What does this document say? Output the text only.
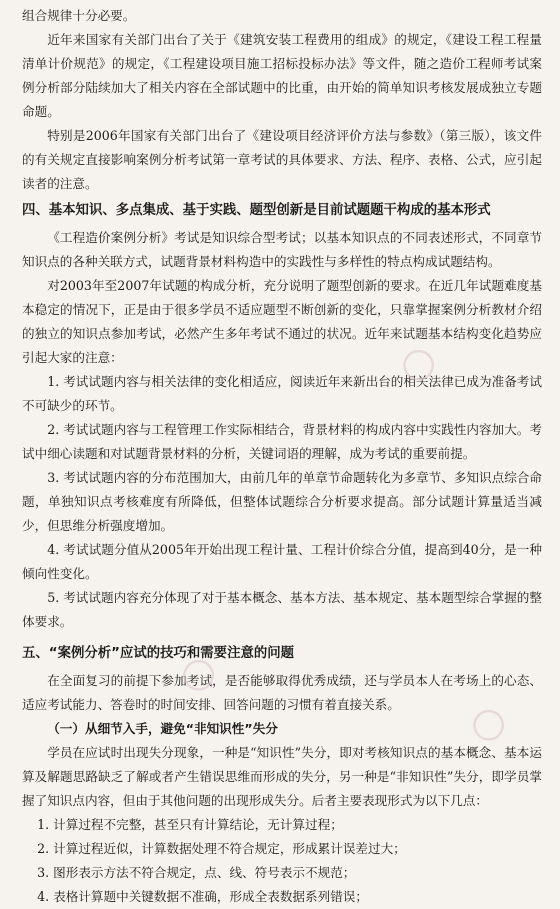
组合规律十分必要。

近年来国家有关部门出台了关于《建筑安装工程费用的组成》的规定，《建设工程工程量清单计价规范》的规定，《工程建设项目施工招标投标办法》等文件，随之造价工程师考试案例分析部分陆续加大了相关内容在全部试题中的比重，由开始的简单知识考核发展成独立专题命题。

特别是2006年国家有关部门出台了《建设项目经济评价方法与参数》（第三版），该文件的有关规定直接影响案例分析考试第一章考试的具体要求、方法、程序、表格、公式，应引起读者的注意。

四、基本知识、多点集成、基于实践、题型创新是目前试题题干构成的基本形式

《工程造价案例分析》考试是知识综合型考试；以基本知识点的不同表述形式，不同章节知识点的各种关联方式，试题背景材料构造中的实践性与多样性的特点构成试题结构。

对2003年至2007年试题的构成分析，充分说明了题型创新的要求。在近几年试题难度基本稳定的情况下，正是由于很多学员不适应题型不断创新的变化，只靠掌握案例分析教材介绍的独立的知识点参加考试，必然产生多年考试不通过的状况。近年来试题基本结构变化趋势应引起大家的注意：

1. 考试试题内容与相关法律的变化相适应，阅读近年来新出台的相关法律已成为准备考试不可缺少的环节。

2. 考试试题内容与工程管理工作实际相结合，背景材料的构成内容中实践性内容加大。考试中细心读题和对试题背景材料的分析，关键词语的理解，成为考试的重要前提。

3. 考试试题内容的分布范围加大，由前几年的单章节命题转化为多章节、多知识点综合命题，单独知识点考核难度有所降低，但整体试题综合分析要求提高。部分试题计算量适当减少，但思维分析强度增加。

4. 考试试题分值从2005年开始出现工程计量、工程计价综合分值，提高到40分，是一种倾向性变化。

5. 考试试题内容充分体现了对于基本概念、基本方法、基本规定、基本题型综合掌握的整体要求。

五、“案例分析”应试的技巧和需要注意的问题

在全面复习的前提下参加考试，是否能够取得优秀成绩，还与学员本人在考场上的心态、适应考试能力、答卷时的时间安排、回答问题的习惯有着直接关系。

（一）从细节入手，避免“非知识性”失分

学员在应试时出现失分现象，一种是“知识性”失分，即对考核知识点的基本概念、基本运算及解题思路缺乏了解或者产生错误思维而形成的失分，另一种是“非知识性”失分，即学员掌握了知识点内容，但由于其他问题的出现形成失分。后者主要表现形式为以下几点：

1. 计算过程不完整，甚至只有计算结论，无计算过程；

2. 计算过程近似，计算数据处理不符合规定，形成累计误差过大；

3. 图形表示方法不符合规定，点、线、符号表示不规范；

4. 表格计算题中关键数据不准确，形成全表数据系列错误；

○
○
○
